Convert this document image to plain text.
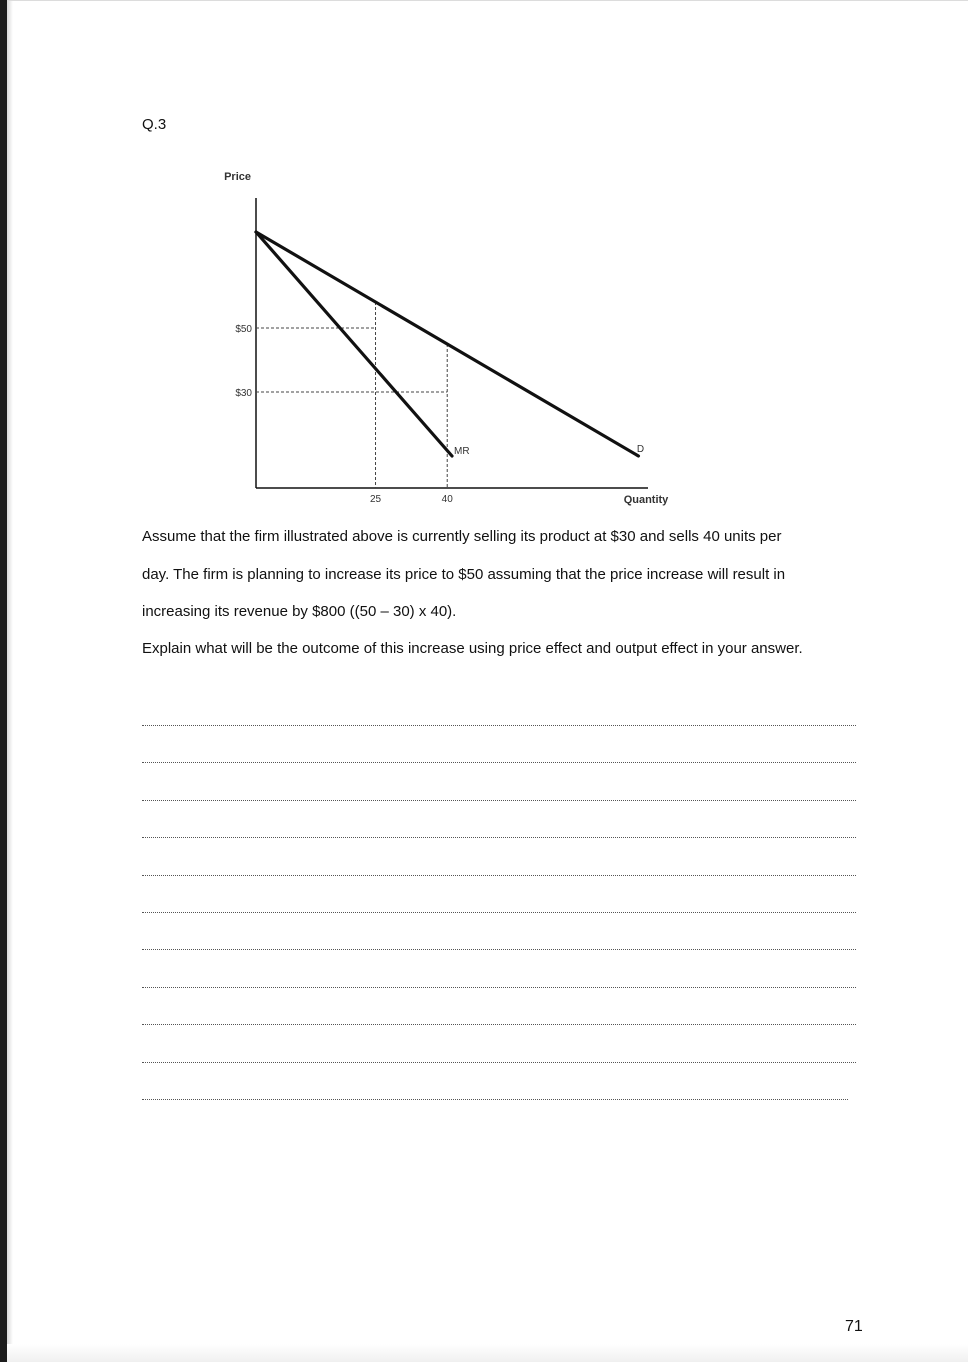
Q.3
Price
Quantity
$50
25
$30
40
D
MR
Assume that the firm illustrated above is currently selling its product at $30 and sells 40 units per
day. The firm is planning to increase its price to $50 assuming that the price increase will result in
increasing its revenue by $800 ((50 – 30) x 40).
Explain what will be the outcome of this increase using price effect and output effect in your answer.
71
